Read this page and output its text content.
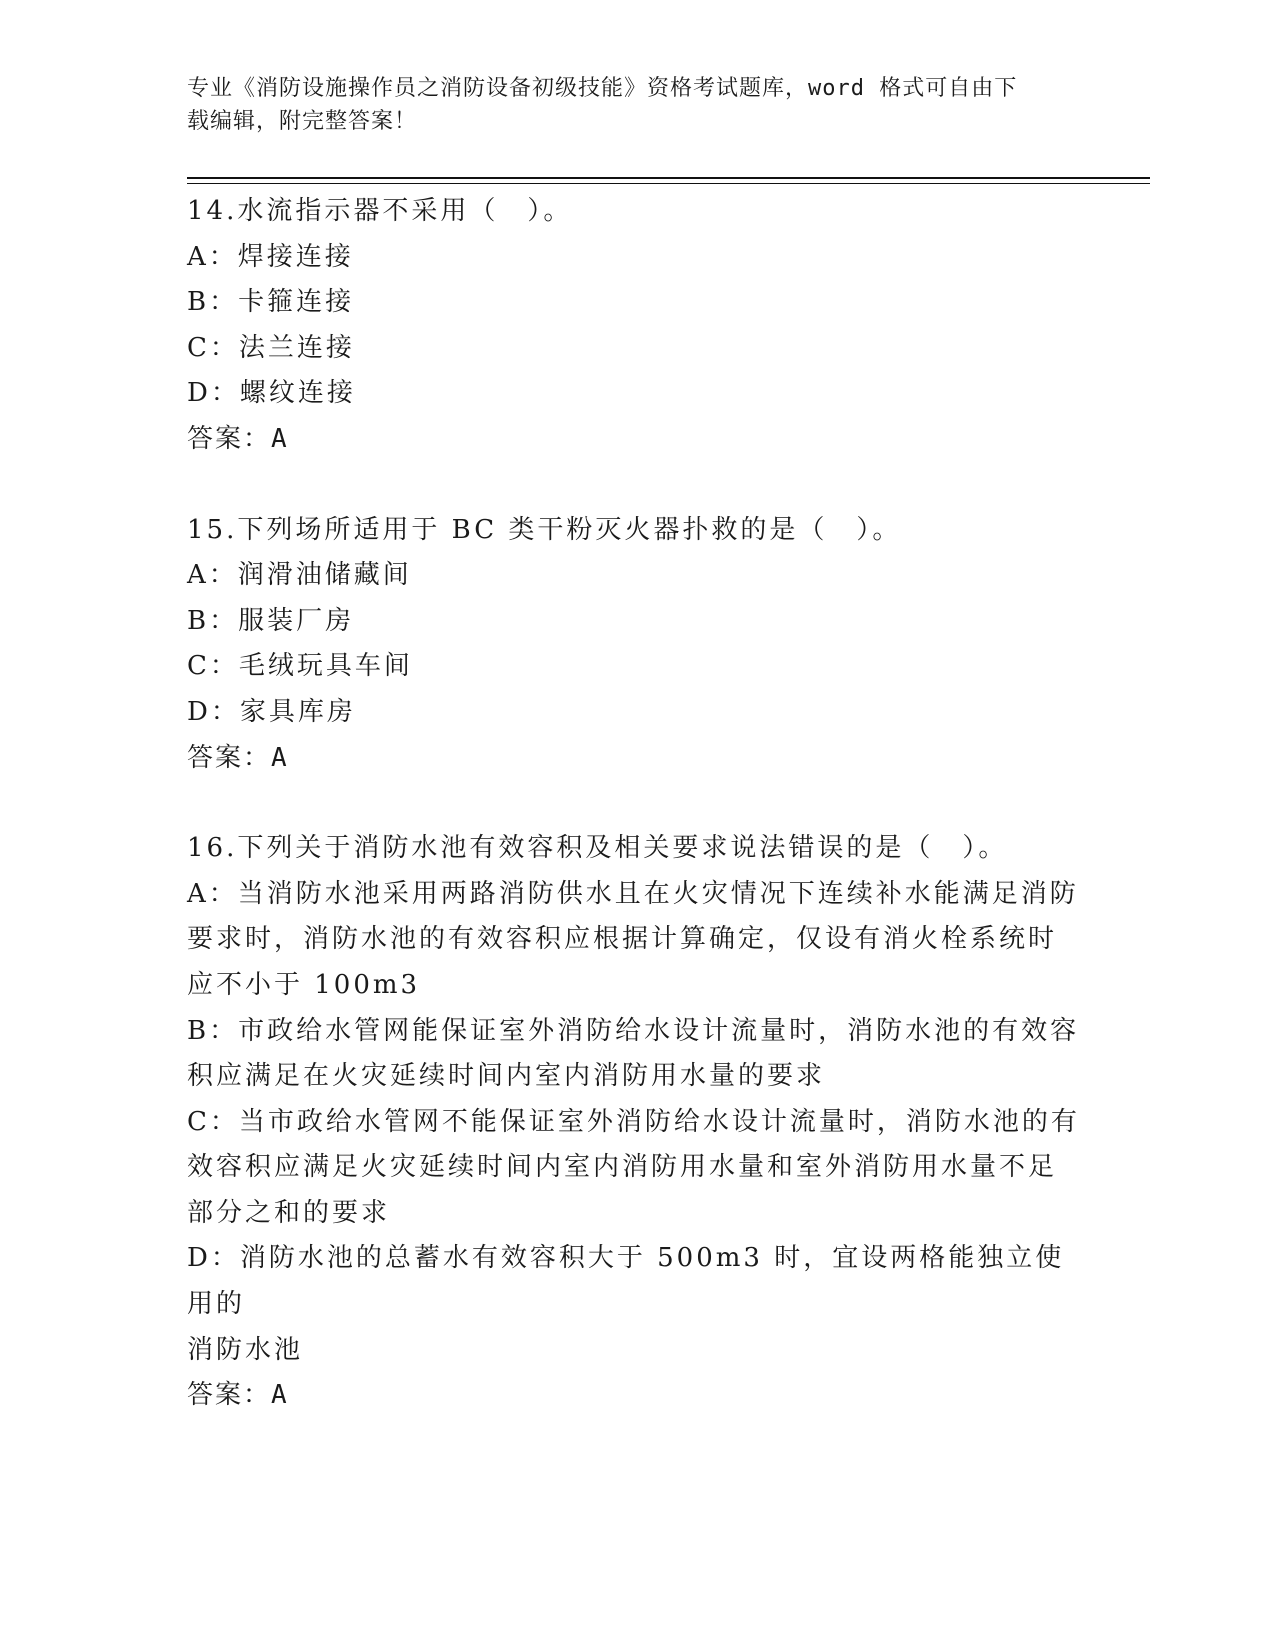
专业《消防设施操作员之消防设备初级技能》资格考试题库，word 格式可自由下
载编辑，附完整答案！
14.水流指示器不采用（　）。
A：焊接连接
B：卡箍连接
C：法兰连接
D：螺纹连接
答案：A
15.下列场所适用于 BC 类干粉灭火器扑救的是（　）。
A：润滑油储藏间
B：服装厂房
C：毛绒玩具车间
D：家具库房
答案：A
16.下列关于消防水池有效容积及相关要求说法错误的是（　）。
A：当消防水池采用两路消防供水且在火灾情况下连续补水能满足消防
要求时，消防水池的有效容积应根据计算确定，仅设有消火栓系统时
应不小于 100m3
B：市政给水管网能保证室外消防给水设计流量时，消防水池的有效容
积应满足在火灾延续时间内室内消防用水量的要求
C：当市政给水管网不能保证室外消防给水设计流量时，消防水池的有
效容积应满足火灾延续时间内室内消防用水量和室外消防用水量不足
部分之和的要求
D：消防水池的总蓄水有效容积大于 500m3 时，宜设两格能独立使用的
消防水池
答案：A
